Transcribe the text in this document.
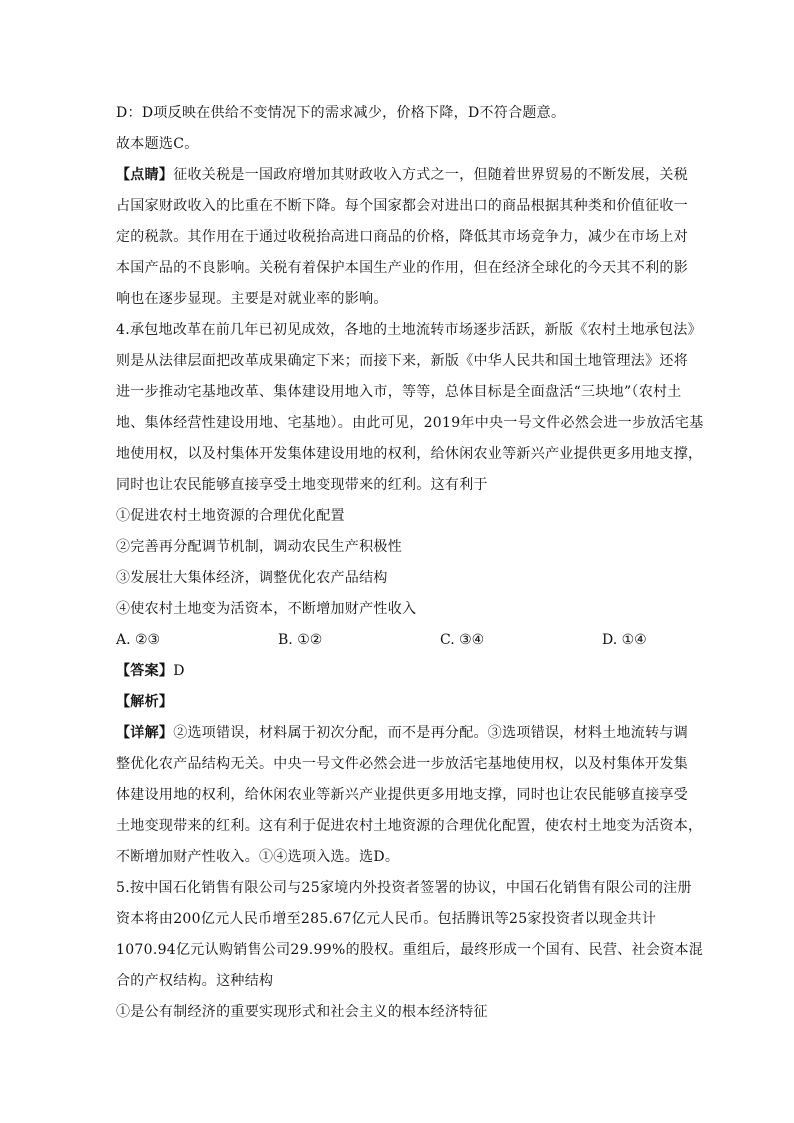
D：D项反映在供给不变情况下的需求减少，价格下降，D不符合题意。
故本题选C。
【点睛】征收关税是一国政府增加其财政收入方式之一，但随着世界贸易的不断发展，关税
占国家财政收入的比重在不断下降。每个国家都会对进出口的商品根据其种类和价值征收一
定的税款。其作用在于通过收税抬高进口商品的价格，降低其市场竞争力，减少在市场上对
本国产品的不良影响。关税有着保护本国生产业的作用，但在经济全球化的今天其不利的影
响也在逐步显现。主要是对就业率的影响。
4.承包地改革在前几年已初见成效，各地的土地流转市场逐步活跃，新版《农村土地承包法》
则是从法律层面把改革成果确定下来；而接下来，新版《中华人民共和国土地管理法》还将
进一步推动宅基地改革、集体建设用地入市，等等，总体目标是全面盘活“三块地”（农村土
地、集体经营性建设用地、宅基地）。由此可见，2019年中央一号文件必然会进一步放活宅基
地使用权，以及村集体开发集体建设用地的权利，给休闲农业等新兴产业提供更多用地支撑，
同时也让农民能够直接享受土地变现带来的红利。这有利于
①促进农村土地资源的合理优化配置
②完善再分配调节机制，调动农民生产积极性
③发展壮大集体经济，调整优化农产品结构
④使农村土地变为活资本，不断增加财产性收入
A. ②③	B. ①②	C. ③④	D. ①④
【答案】D
【解析】
【详解】②选项错误，材料属于初次分配，而不是再分配。③选项错误，材料土地流转与调
整优化农产品结构无关。中央一号文件必然会进一步放活宅基地使用权，以及村集体开发集
体建设用地的权利，给休闲农业等新兴产业提供更多用地支撑，同时也让农民能够直接享受
土地变现带来的红利。这有利于促进农村土地资源的合理优化配置，使农村土地变为活资本，
不断增加财产性收入。①④选项入选。选D。
5.按中国石化销售有限公司与25家境内外投资者签署的协议，中国石化销售有限公司的注册
资本将由200亿元人民币增至285.67亿元人民币。包括腾讯等25家投资者以现金共计
1070.94亿元认购销售公司29.99%的股权。重组后，最终形成一个国有、民营、社会资本混
合的产权结构。这种结构
①是公有制经济的重要实现形式和社会主义的根本经济特征
